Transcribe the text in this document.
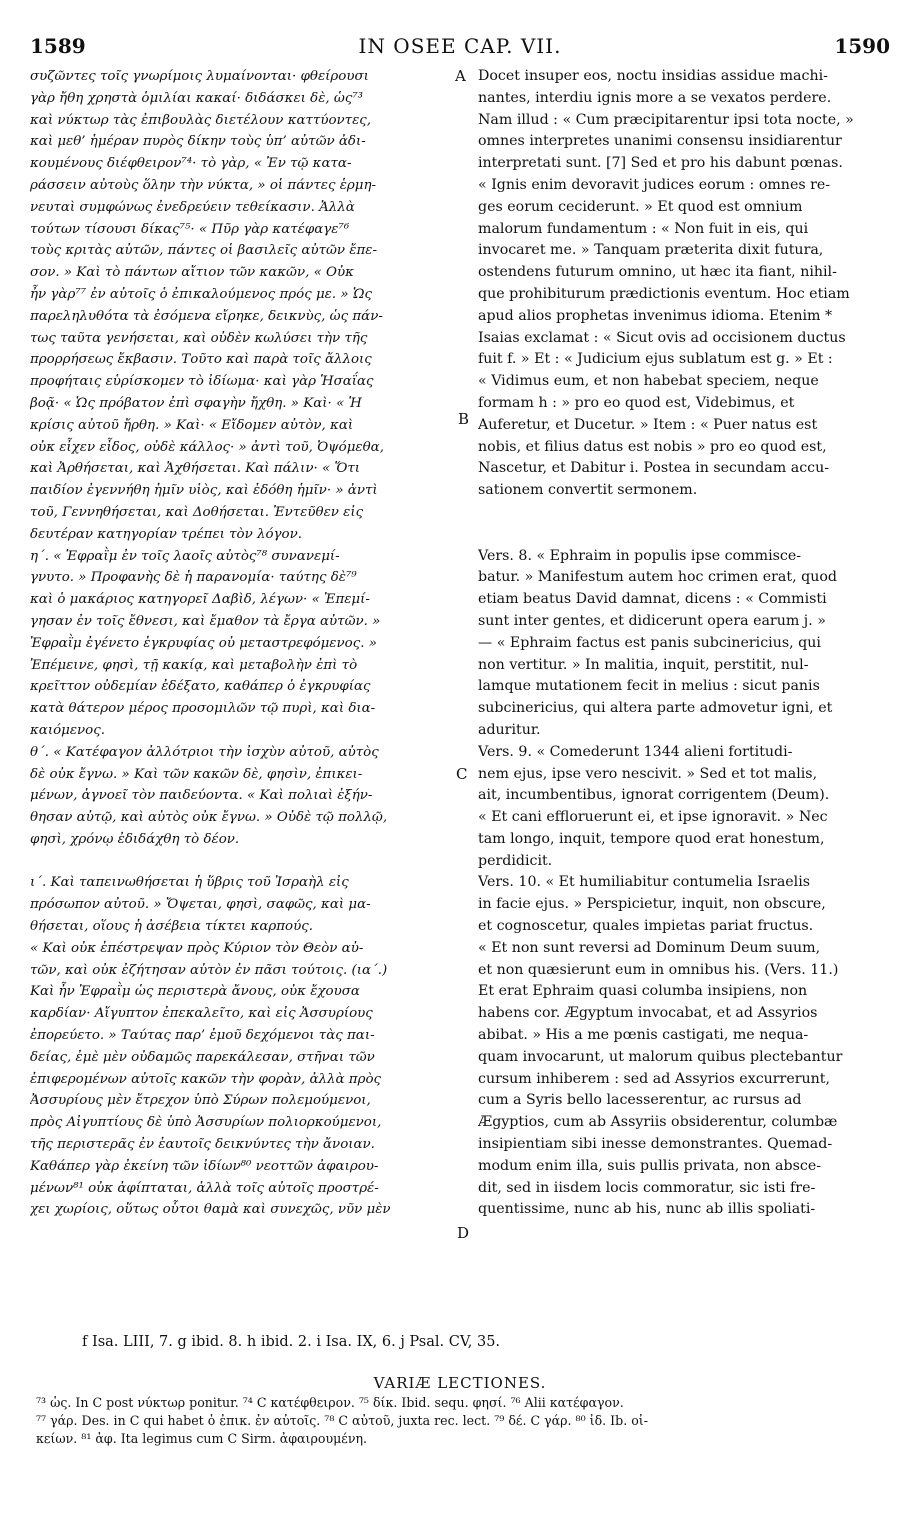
1589	IN OSEE CAP. VII.	1590
συζῶντες τοῖς γνωρίμοις λυμαίνονται· φθείρουσι
γὰρ ἤθη χρηστὰ ὁμιλίαι κακαί· διδάσκει δὲ, ὡς⁷³
καὶ νύκτωρ τὰς ἐπιβουλὰς διετέλουν καττύοντες,
καὶ μεθ’ ἡμέραν πυρὸς δίκην τοὺς ὑπ’ αὐτῶν ἀδι-
κουμένους διέφθειρον⁷⁴· τὸ γὰρ, « Ἐν τῷ κατα-
ράσσειν αὐτοὺς ὅλην τὴν νύκτα, » οἱ πάντες ἑρμη-
νευταὶ συμφώνως ἐνεδρεύειν τεθείκασιν. Ἀλλὰ
τούτων τίσουσι δίκας⁷⁵· « Πῦρ γὰρ κατέφαγε⁷⁶
τοὺς κριτὰς αὐτῶν, πάντες οἱ βασιλεῖς αὐτῶν ἔπε-
σον. » Καὶ τὸ πάντων αἴτιον τῶν κακῶν, « Οὐκ
ἦν γὰρ⁷⁷ ἐν αὐτοῖς ὁ ἐπικαλούμενος πρός με. » Ὡς
παρεληλυθότα τὰ ἐσόμενα εἴρηκε, δεικνὺς, ὡς πάν-
τως ταῦτα γενήσεται, καὶ οὐδὲν κωλύσει τὴν τῆς
προρρήσεως ἔκβασιν. Τοῦτο καὶ παρὰ τοῖς ἄλλοις
προφήταις εὑρίσκομεν τὸ ἰδίωμα· καὶ γὰρ Ἡσαΐας
βοᾷ· « Ὡς πρόβατον ἐπὶ σφαγὴν ἤχθη. » Καὶ· « Ἡ
κρίσις αὐτοῦ ἤρθη. » Καὶ· « Εἴδομεν αὐτὸν, καὶ
οὐκ εἶχεν εἶδος, οὐδὲ κάλλος· » ἀντὶ τοῦ, Ὀψόμεθα,
καὶ Ἀρθήσεται, καὶ Ἀχθήσεται. Καὶ πάλιν· « Ὅτι
παιδίον ἐγεννήθη ἡμῖν υἱὸς, καὶ ἐδόθη ἡμῖν· » ἀντὶ
τοῦ, Γεννηθήσεται, καὶ Δοθήσεται. Ἐντεῦθεν εἰς
δευτέραν κατηγορίαν τρέπει τὸν λόγον.
η΄. « Ἐφραῒμ ἐν τοῖς λαοῖς αὐτὸς⁷⁸ συνανεμί-
γνυτο. » Προφανὴς δὲ ἡ παρανομία· ταύτης δὲ⁷⁹
καὶ ὁ μακάριος κατηγορεῖ Δαβὶδ, λέγων· « Ἐπεμί-
γησαν ἐν τοῖς ἔθνεσι, καὶ ἔμαθον τὰ ἔργα αὐτῶν. »
Ἐφραῒμ ἐγένετο ἐγκρυφίας οὐ μεταστρεφόμενος. »
Ἐπέμεινε, φησὶ, τῇ κακίᾳ, καὶ μεταβολὴν ἐπὶ τὸ
κρεῖττον οὐδεμίαν ἐδέξατο, καθάπερ ὁ ἐγκρυφίας
κατὰ θάτερον μέρος προσομιλῶν τῷ πυρὶ, καὶ δια-
καιόμενος.
θ΄. « Κατέφαγον ἀλλότριοι τὴν ἰσχὺν αὐτοῦ, αὐτὸς
δὲ οὐκ ἔγνω. » Καὶ τῶν κακῶν δὲ, φησὶν, ἐπικει-
μένων, ἀγνοεῖ τὸν παιδεύοντα. « Καὶ πολιαὶ ἐξήν-
θησαν αὐτῷ, καὶ αὐτὸς οὐκ ἔγνω. » Οὐδὲ τῷ πολλῷ,
φησὶ, χρόνῳ ἐδιδάχθη τὸ δέον.
ι΄. Καὶ ταπεινωθήσεται ἡ ὕβρις τοῦ Ἰσραὴλ εἰς
πρόσωπον αὐτοῦ. » Ὄψεται, φησὶ, σαφῶς, καὶ μα-
θήσεται, οἵους ἡ ἀσέβεια τίκτει καρπούς.
« Καὶ οὐκ ἐπέστρεψαν πρὸς Κύριον τὸν Θεὸν αὐ-
τῶν, καὶ οὐκ ἐζήτησαν αὐτὸν ἐν πᾶσι τούτοις. (ια΄.)
Καὶ ἦν Ἐφραῒμ ὡς περιστερὰ ἄνους, οὐκ ἔχουσα
καρδίαν· Αἴγυπτον ἐπεκαλεῖτο, καὶ εἰς Ἀσσυρίους
ἐπορεύετο. » Ταύτας παρ’ ἐμοῦ δεχόμενοι τὰς παι-
δείας, ἐμὲ μὲν οὐδαμῶς παρεκάλεσαν, στῆναι τῶν
ἐπιφερομένων αὐτοῖς κακῶν τὴν φορὰν, ἀλλὰ πρὸς
Ἀσσυρίους μὲν ἔτρεχον ὑπὸ Σύρων πολεμούμενοι,
πρὸς Αἰγυπτίους δὲ ὑπὸ Ἀσσυρίων πολιορκούμενοι,
τῆς περιστερᾶς ἐν ἑαυτοῖς δεικνύντες τὴν ἄνοιαν.
Καθάπερ γὰρ ἐκείνη τῶν ἰδίων⁸⁰ νεοττῶν ἀφαιρου-
μένων⁸¹ οὐκ ἀφίπταται, ἀλλὰ τοῖς αὐτοῖς προστρέ-
χει χωρίοις, οὕτως οὗτοι θαμὰ καὶ συνεχῶς, νῦν μὲν
Docet insuper eos, noctu insidias assidue machi-
nantes, interdiu ignis more a se vexatos perdere.
Nam illud : « Cum præcipitarentur ipsi tota nocte, »
omnes interpretes unanimi consensu insidiarentur
interpretati sunt. [7] Sed et pro his dabunt pœnas.
« Ignis enim devoravit judices eorum : omnes re-
ges eorum ceciderunt. » Et quod est omnium
malorum fundamentum : « Non fuit in eis, qui
invocaret me. » Tanquam præterita dixit futura,
ostendens futurum omnino, ut hæc ita fiant, nihil-
que prohibiturum prædictionis eventum. Hoc etiam
apud alios prophetas invenimus idioma. Etenim *
Isaias exclamat : « Sicut ovis ad occisionem ductus
fuit f. » Et : « Judicium ejus sublatum est g. » Et :
« Vidimus eum, et non habebat speciem, neque
formam h : » pro eo quod est, Videbimus, et
Auferetur, et Ducetur. » Item : « Puer natus est
nobis, et filius datus est nobis » pro eo quod est,
Nascetur, et Dabitur i. Postea in secundam accu-
sationem convertit sermonem.
Vers. 8. « Ephraim in populis ipse commisce-
batur. » Manifestum autem hoc crimen erat, quod
etiam beatus David damnat, dicens : « Commisti
sunt inter gentes, et didicerunt opera earum j. »
— « Ephraim factus est panis subcinericius, qui
non vertitur. » In malitia, inquit, perstitit, nul-
lamque mutationem fecit in melius : sicut panis
subcinericius, qui altera parte admovetur igni, et
aduritur.
Vers. 9. « Comederunt 1344 alieni fortitudi-
nem ejus, ipse vero nescivit. » Sed et tot malis,
ait, incumbentibus, ignorat corrigentem (Deum).
« Et cani effloruerunt ei, et ipse ignoravit. » Nec
tam longo, inquit, tempore quod erat honestum,
perdidicit.
Vers. 10. « Et humiliabitur contumelia Israelis
in facie ejus. » Perspicietur, inquit, non obscure,
et cognoscetur, quales impietas pariat fructus.
« Et non sunt reversi ad Dominum Deum suum,
et non quæsierunt eum in omnibus his. (Vers. 11.)
Et erat Ephraim quasi columba insipiens, non
habens cor. Ægyptum invocabat, et ad Assyrios
abibat. » His a me pœnis castigati, me nequa-
quam invocarunt, ut malorum quibus plectebantur
cursum inhiberem : sed ad Assyrios excurrerunt,
cum a Syris bello lacesserentur, ac rursus ad
Ægyptios, cum ab Assyriis obsiderentur, columbæ
insipientiam sibi inesse demonstrantes. Quemad-
modum enim illa, suis pullis privata, non absce-
dit, sed in iisdem locis commoratur, sic isti fre-
quentissime, nunc ab his, nunc ab illis spoliati-
A
B
C
D
f Isa. LIII, 7. g ibid. 8. h ibid. 2. i Isa. IX, 6. j Psal. CV, 35.
VARIÆ LECTIONES.
⁷³ ὡς. In C post νύκτωρ ponitur. ⁷⁴ C κατέφθειρον. ⁷⁵ δίκ. Ibid. sequ. φησί. ⁷⁶ Alii κατέφαγον.
⁷⁷ γάρ. Des. in C qui habet ὁ ἐπικ. ἐν αὐτοῖς. ⁷⁸ C αὐτοῦ, juxta rec. lect. ⁷⁹ δέ. C γάρ. ⁸⁰ ἰδ. Ib. οἰ-
κείων. ⁸¹ ἀφ. Ita legimus cum C Sirm. ἀφαιρουμένη.
